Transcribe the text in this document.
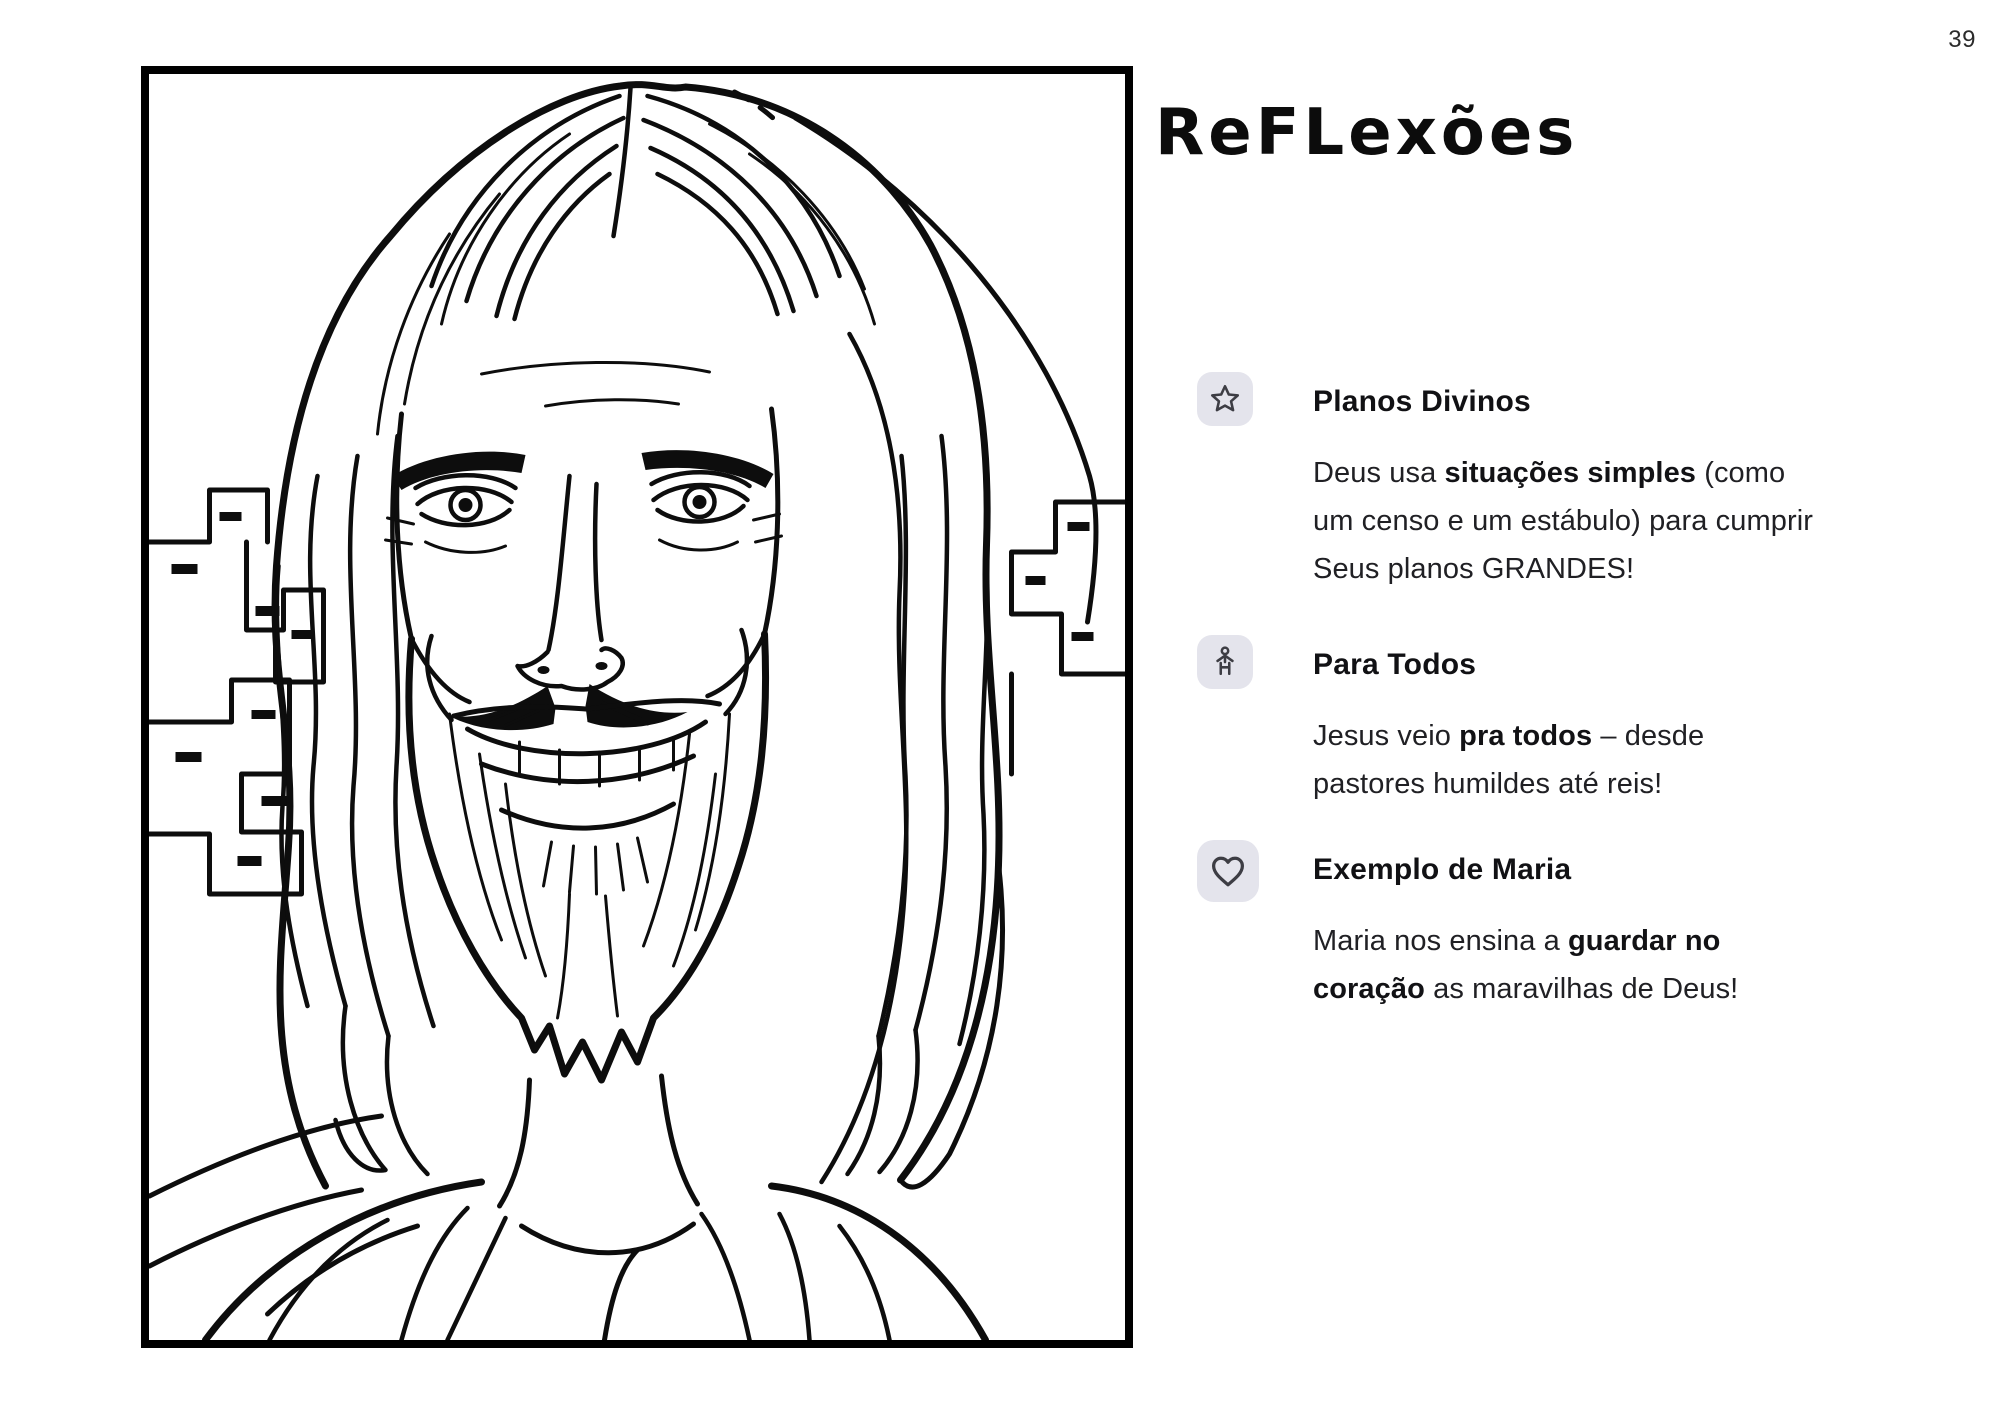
39
ReFLexões
Planos Divinos

Deus usa situações simples (como um censo e um estábulo) para cumprir Seus planos GRANDES!

Para Todos

Jesus veio pra todos – desde pastores humildes até reis!

Exemplo de Maria

Maria nos ensina a guardar no coração as maravilhas de Deus!
